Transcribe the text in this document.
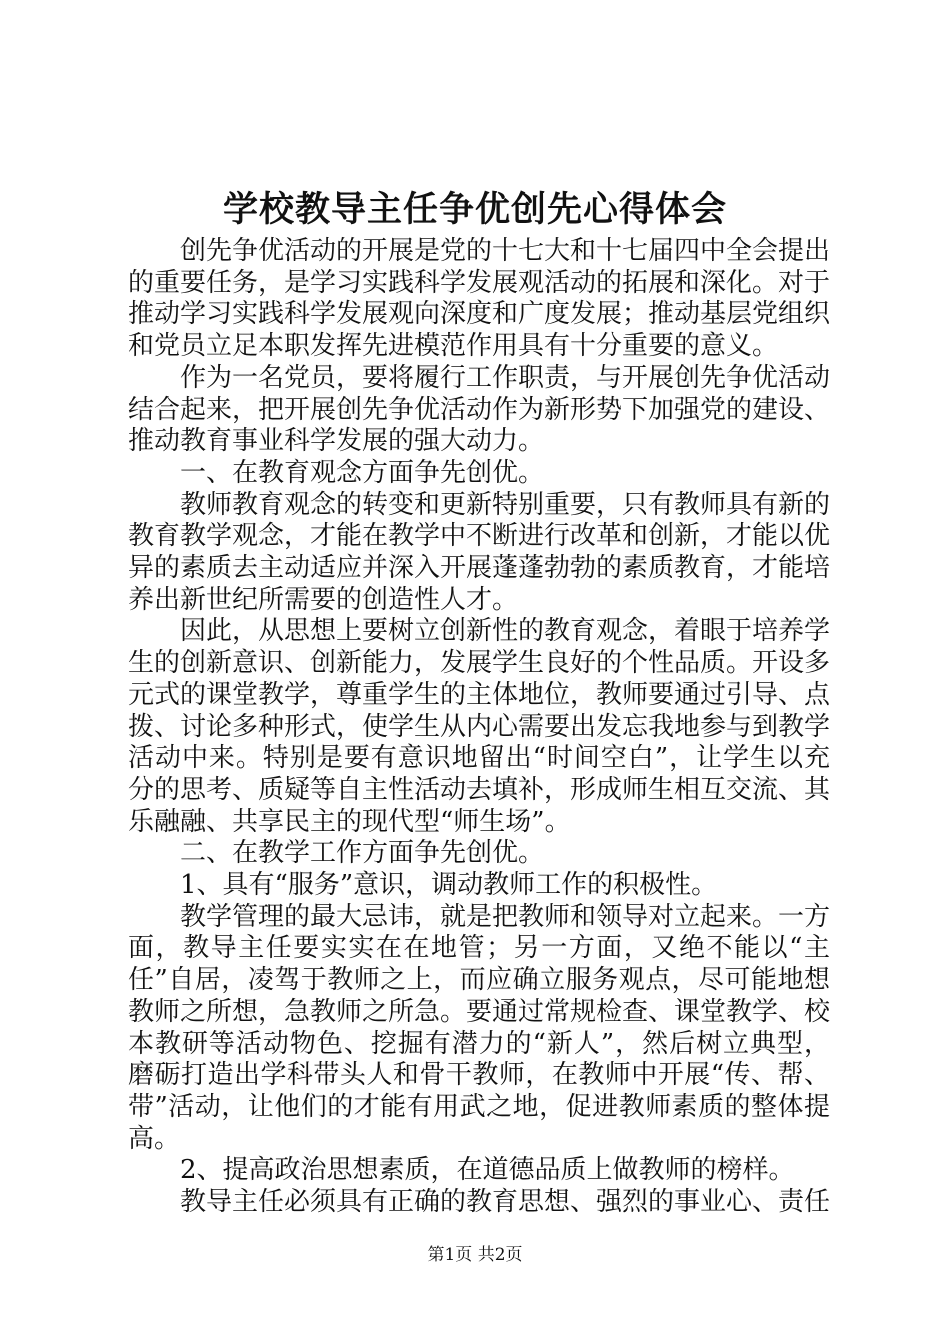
学校教导主任争优创先心得体会

创先争优活动的开展是党的十七大和十七届四中全会提出的重要任务，是学习实践科学发展观活动的拓展和深化。对于推动学习实践科学发展观向深度和广度发展；推动基层党组织和党员立足本职发挥先进模范作用具有十分重要的意义。

作为一名党员，要将履行工作职责，与开展创先争优活动结合起来，把开展创先争优活动作为新形势下加强党的建设、推动教育事业科学发展的强大动力。

一、在教育观念方面争先创优。

教师教育观念的转变和更新特别重要，只有教师具有新的教育教学观念，才能在教学中不断进行改革和创新，才能以优异的素质去主动适应并深入开展蓬蓬勃勃的素质教育，才能培养出新世纪所需要的创造性人才。

因此，从思想上要树立创新性的教育观念，着眼于培养学生的创新意识、创新能力，发展学生良好的个性品质。开设多元式的课堂教学，尊重学生的主体地位，教师要通过引导、点拨、讨论多种形式，使学生从内心需要出发忘我地参与到教学活动中来。特别是要有意识地留出“时间空白”，让学生以充分的思考、质疑等自主性活动去填补，形成师生相互交流、其乐融融、共享民主的现代型“师生场”。

二、在教学工作方面争先创优。

1、具有“服务”意识，调动教师工作的积极性。

教学管理的最大忌讳，就是把教师和领导对立起来。一方面，教导主任要实实在在地管；另一方面，又绝不能以“主任”自居，凌驾于教师之上，而应确立服务观点，尽可能地想教师之所想，急教师之所急。要通过常规检查、课堂教学、校本教研等活动物色、挖掘有潜力的“新人”，然后树立典型，磨砺打造出学科带头人和骨干教师，在教师中开展“传、帮、带”活动，让他们的才能有用武之地，促进教师素质的整体提高。

2、提高政治思想素质，在道德品质上做教师的榜样。

教导主任必须具有正确的教育思想、强烈的事业心、责任

第1页 共2页
